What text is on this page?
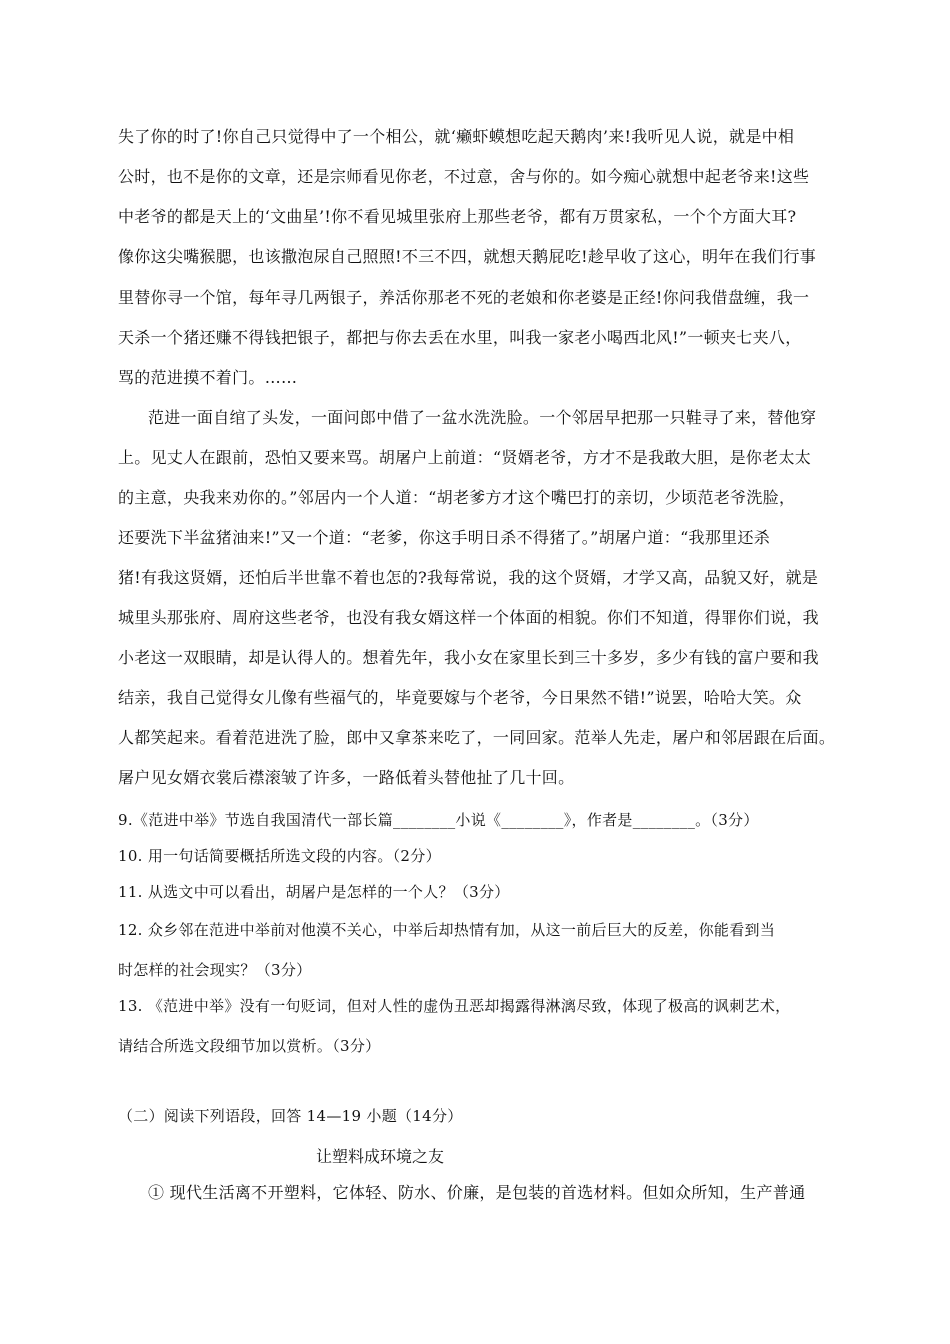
失了你的时了!你自己只觉得中了一个相公，就‘癞虾蟆想吃起天鹅肉’来!我听见人说，就是中相
公时，也不是你的文章，还是宗师看见你老，不过意，舍与你的。如今痴心就想中起老爷来!这些
中老爷的都是天上的‘文曲星’!你不看见城里张府上那些老爷，都有万贯家私，一个个方面大耳?
像你这尖嘴猴腮，也该撒泡尿自己照照!不三不四，就想天鹅屁吃!趁早收了这心，明年在我们行事
里替你寻一个馆，每年寻几两银子，养活你那老不死的老娘和你老婆是正经!你问我借盘缠，我一
天杀一个猪还赚不得钱把银子，都把与你去丢在水里，叫我一家老小喝西北风!”一顿夹七夹八，
骂的范进摸不着门。……
范进一面自绾了头发，一面问郎中借了一盆水洗洗脸。一个邻居早把那一只鞋寻了来，替他穿
上。见丈人在跟前，恐怕又要来骂。胡屠户上前道：“贤婿老爷，方才不是我敢大胆，是你老太太
的主意，央我来劝你的。”邻居内一个人道：“胡老爹方才这个嘴巴打的亲切，少顷范老爷洗脸，
还要洗下半盆猪油来!”又一个道：“老爹，你这手明日杀不得猪了。”胡屠户道：“我那里还杀
猪!有我这贤婿，还怕后半世靠不着也怎的?我每常说，我的这个贤婿，才学又高，品貌又好，就是
城里头那张府、周府这些老爷，也没有我女婿这样一个体面的相貌。你们不知道，得罪你们说，我
小老这一双眼睛，却是认得人的。想着先年，我小女在家里长到三十多岁，多少有钱的富户要和我
结亲，我自己觉得女儿像有些福气的，毕竟要嫁与个老爷，今日果然不错!”说罢，哈哈大笑。众
人都笑起来。看着范进洗了脸，郎中又拿茶来吃了，一同回家。范举人先走，屠户和邻居跟在后面。
屠户见女婿衣裳后襟滚皱了许多，一路低着头替他扯了几十回。
9.《范进中举》节选自我国清代一部长篇________小说《________》，作者是________。（3分）
10. 用一句话简要概括所选文段的内容。（2分）
11. 从选文中可以看出，胡屠户是怎样的一个人？（3分）
12. 众乡邻在范进中举前对他漠不关心，中举后却热情有加，从这一前后巨大的反差，你能看到当
时怎样的社会现实？（3分）
13. 《范进中举》没有一句贬词，但对人性的虚伪丑恶却揭露得淋漓尽致，体现了极高的讽刺艺术，
请结合所选文段细节加以赏析。（3分）
（二）阅读下列语段，回答 14—19 小题（14分）
让塑料成环境之友
① 现代生活离不开塑料，它体轻、防水、价廉，是包装的首选材料。但如众所知，生产普通
